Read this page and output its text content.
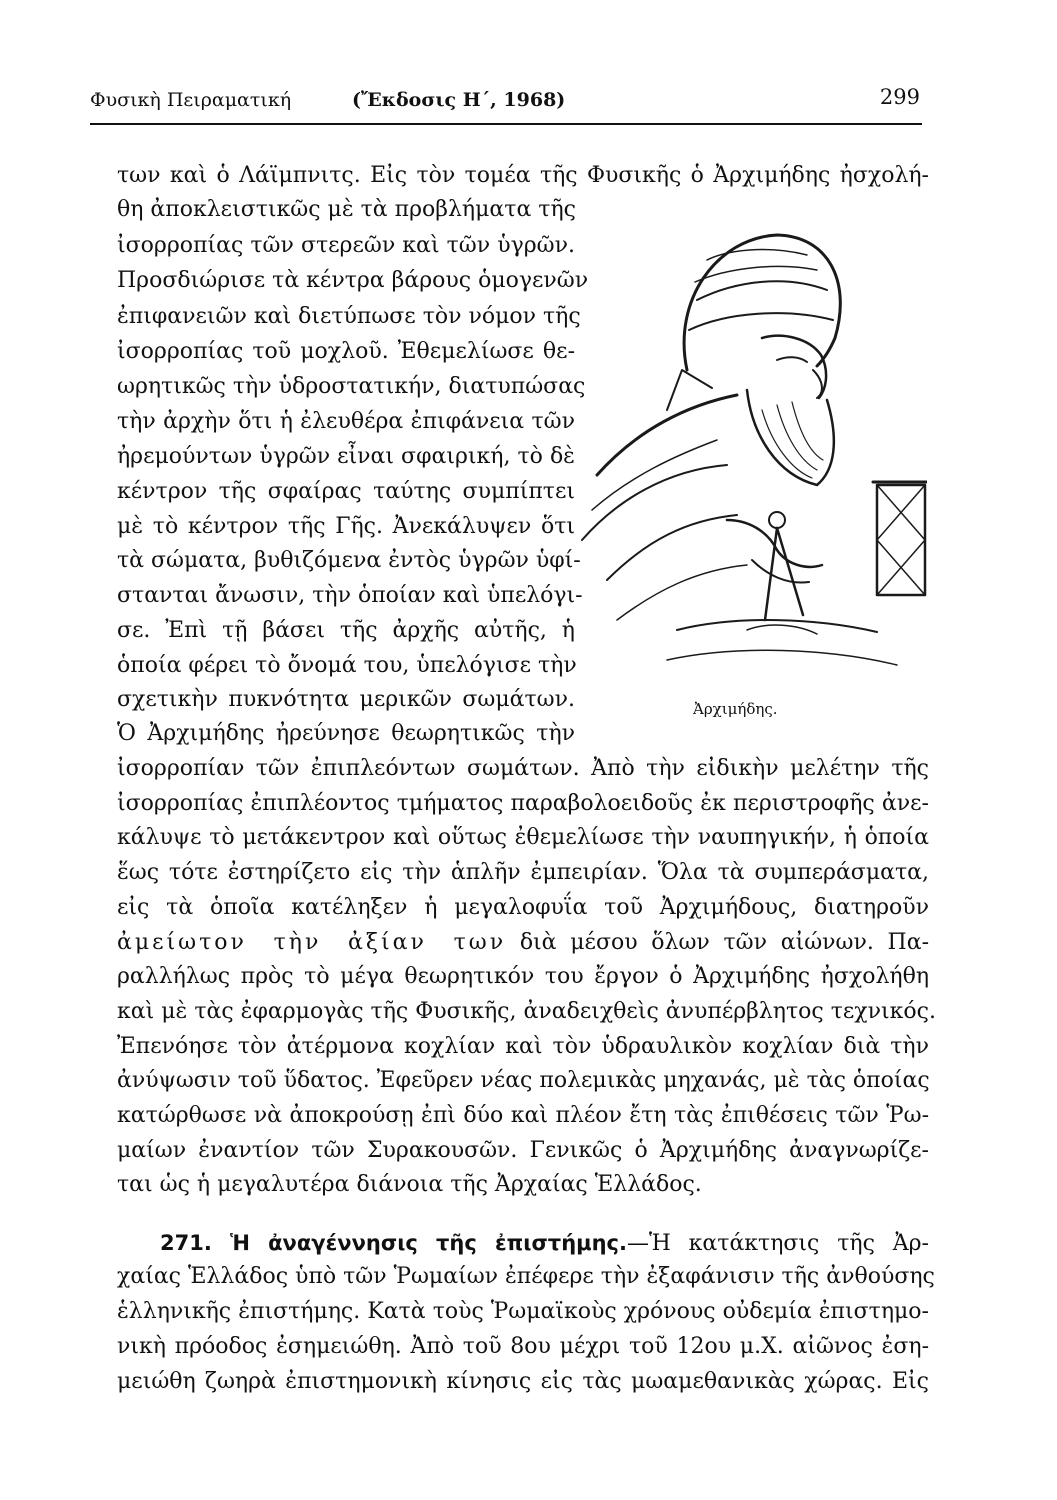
Φυσικὴ Πειραματική	(Ἔκδοσις Η΄, 1968)	299
των καὶ ὁ Λάϊμπνιτς. Εἰς τὸν τομέα τῆς Φυσικῆς ὁ Ἀρχιμήδης ἠσχολή-
θη ἀποκλειστικῶς μὲ τὰ προβλήματα τῆς
ἰσορροπίας τῶν στερεῶν καὶ τῶν ὑγρῶν.
Προσδιώρισε τὰ κέντρα βάρους ὁμογενῶν
ἐπιφανειῶν καὶ διετύπωσε τὸν νόμον τῆς
ἰσορροπίας τοῦ μοχλοῦ. Ἐθεμελίωσε θε-
ωρητικῶς τὴν ὑδροστατικήν, διατυπώσας
τὴν ἀρχὴν ὅτι ἡ ἐλευθέρα ἐπιφάνεια τῶν
ἠρεμούντων ὑγρῶν εἶναι σφαιρική, τὸ δὲ
κέντρον τῆς σφαίρας ταύτης συμπίπτει
μὲ τὸ κέντρον τῆς Γῆς. Ἀνεκάλυψεν ὅτι
τὰ σώματα, βυθιζόμενα ἐντὸς ὑγρῶν ὑφί-
στανται ἄνωσιν, τὴν ὁποίαν καὶ ὑπελόγι-
σε. Ἐπὶ τῇ βάσει τῆς ἀρχῆς αὐτῆς, ἡ
ὁποία φέρει τὸ ὄνομά του, ὑπελόγισε τὴν
σχετικὴν πυκνότητα μερικῶν σωμάτων.
Ὁ Ἀρχιμήδης ἠρεύνησε θεωρητικῶς τὴν
Ἀρχιμήδης.
ἰσορροπίαν τῶν ἐπιπλεόντων σωμάτων. Ἀπὸ τὴν εἰδικὴν μελέτην τῆς
ἰσορροπίας ἐπιπλέοντος τμήματος παραβολοειδοῦς ἐκ περιστροφῆς ἀνε-
κάλυψε τὸ μετάκεντρον καὶ οὕτως ἐθεμελίωσε τὴν ναυπηγικήν, ἡ ὁποία
ἕως τότε ἐστηρίζετο εἰς τὴν ἁπλῆν ἐμπειρίαν. Ὅλα τὰ συμπεράσματα,
εἰς τὰ ὁποῖα κατέληξεν ἡ μεγαλοφυΐα τοῦ Ἀρχιμήδους, διατηροῦν
ἀμείωτον τὴν ἀξίαν των διὰ μέσου ὅλων τῶν αἰώνων. Πα-
ραλλήλως πρὸς τὸ μέγα θεωρητικόν του ἔργον ὁ Ἀρχιμήδης ἠσχολήθη
καὶ μὲ τὰς ἐφαρμογὰς τῆς Φυσικῆς, ἀναδειχθεὶς ἀνυπέρβλητος τεχνικός.
Ἐπενόησε τὸν ἀτέρμονα κοχλίαν καὶ τὸν ὑδραυλικὸν κοχλίαν διὰ τὴν
ἀνύψωσιν τοῦ ὕδατος. Ἐφεῦρεν νέας πολεμικὰς μηχανάς, μὲ τὰς ὁποίας
κατώρθωσε νὰ ἀποκρούσῃ ἐπὶ δύο καὶ πλέον ἔτη τὰς ἐπιθέσεις τῶν Ῥω-
μαίων ἐναντίον τῶν Συρακουσῶν. Γενικῶς ὁ Ἀρχιμήδης ἀναγνωρίζε-
ται ὡς ἡ μεγαλυτέρα διάνοια τῆς Ἀρχαίας Ἑλλάδος.
271. Ἡ ἀναγέννησις τῆς ἐπιστήμης.—Ἡ κατάκτησις τῆς Ἀρ-
χαίας Ἑλλάδος ὑπὸ τῶν Ῥωμαίων ἐπέφερε τὴν ἐξαφάνισιν τῆς ἀνθούσης
ἑλληνικῆς ἐπιστήμης. Κατὰ τοὺς Ῥωμαϊκοὺς χρόνους οὐδεμία ἐπιστημο-
νικὴ πρόοδος ἐσημειώθη. Ἀπὸ τοῦ 8ου μέχρι τοῦ 12ου μ.Χ. αἰῶνος ἐση-
μειώθη ζωηρὰ ἐπιστημονικὴ κίνησις εἰς τὰς μωαμεθανικὰς χώρας. Εἰς
